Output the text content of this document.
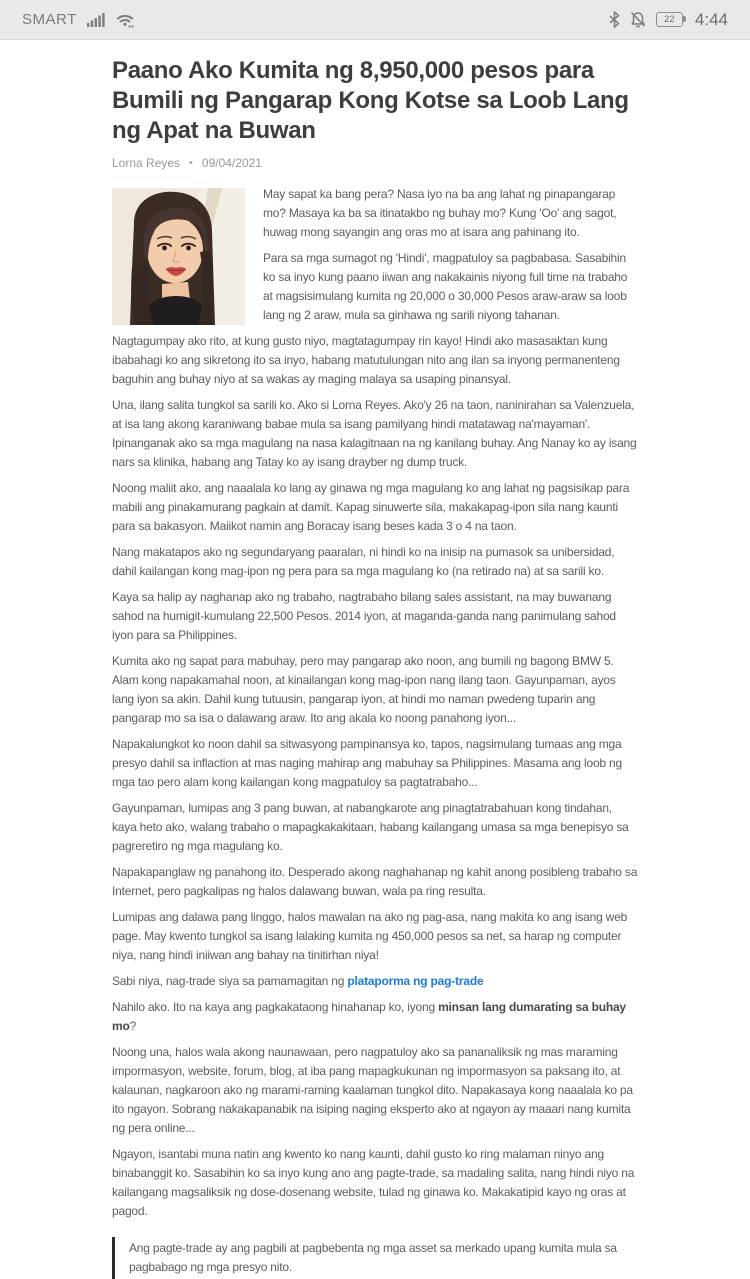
SMART	22 4:44
Paano Ako Kumita ng 8,950,000 pesos para Bumili ng Pangarap Kong Kotse sa Loob Lang ng Apat na Buwan
Lorna Reyes • 09/04/2021

May sapat ka bang pera? Nasa iyo na ba ang lahat ng pinapangarap mo? Masaya ka ba sa itinatakbo ng buhay mo? Kung 'Oo' ang sagot, huwag mong sayangin ang oras mo at isara ang pahinang ito.

Para sa mga sumagot ng 'Hindi', magpatuloy sa pagbabasa. Sasabihin ko sa inyo kung paano iiwan ang nakakainis niyong full time na trabaho at magsisimulang kumita ng 20,000 o 30,000 Pesos araw-araw sa loob lang ng 2 araw, mula sa ginhawa ng sarili niyong tahanan.

Nagtagumpay ako rito, at kung gusto niyo, magtatagumpay rin kayo! Hindi ako masasaktan kung ibabahagi ko ang sikretong ito sa inyo, habang matutulungan nito ang ilan sa inyong permanenteng baguhin ang buhay niyo at sa wakas ay maging malaya sa usaping pinansyal.

Una, ilang salita tungkol sa sarili ko. Ako si Lorna Reyes. Ako'y 26 na taon, naninirahan sa Valenzuela, at isa lang akong karaniwang babae mula sa isang pamilyang hindi matatawag na'mayaman'. Ipinanganak ako sa mga magulang na nasa kalagitnaan na ng kanilang buhay. Ang Nanay ko ay isang nars sa klinika, habang ang Tatay ko ay isang drayber ng dump truck.

Noong maliit ako, ang naaalala ko lang ay ginawa ng mga magulang ko ang lahat ng pagsisikap para mabili ang pinakamurang pagkain at damit. Kapag sinuwerte sila, makakapag-ipon sila nang kaunti para sa bakasyon. Maiikot namin ang Boracay isang beses kada 3 o 4 na taon.

Nang makatapos ako ng segundaryang paaralan, ni hindi ko na inisip na pumasok sa unibersidad, dahil kailangan kong mag-ipon ng pera para sa mga magulang ko (na retirado na) at sa sarili ko.

Kaya sa halip ay naghanap ako ng trabaho, nagtrabaho bilang sales assistant, na may buwanang sahod na humigit-kumulang 22,500 Pesos. 2014 iyon, at maganda-ganda nang panimulang sahod iyon para sa Philippines.

Kumita ako ng sapat para mabuhay, pero may pangarap ako noon, ang bumili ng bagong BMW 5. Alam kong napakamahal noon, at kinailangan kong mag-ipon nang ilang taon. Gayunpaman, ayos lang iyon sa akin. Dahil kung tutuusin, pangarap iyon, at hindi mo naman pwedeng tuparin ang pangarap mo sa isa o dalawang araw. Ito ang akala ko noong panahong iyon...

Napakalungkot ko noon dahil sa sitwasyong pampinansya ko, tapos, nagsimulang tumaas ang mga presyo dahil sa inflaction at mas naging mahirap ang mabuhay sa Philippines. Masama ang loob ng mga tao pero alam kong kailangan kong magpatuloy sa pagtatrabaho...

Gayunpaman, lumipas ang 3 pang buwan, at nabangkarote ang pinagtatrabahuan kong tindahan, kaya heto ako, walang trabaho o mapagkakakitaan, habang kailangang umasa sa mga benepisyo sa pagreretiro ng mga magulang ko.

Napakapanglaw ng panahong ito. Desperado akong naghahanap ng kahit anong posibleng trabaho sa Internet, pero pagkalipas ng halos dalawang buwan, wala pa ring resulta.

Lumipas ang dalawa pang linggo, halos mawalan na ako ng pag-asa, nang makita ko ang isang web page. May kwento tungkol sa isang lalaking kumita ng 450,000 pesos sa net, sa harap ng computer niya, nang hindi iniiwan ang bahay na tinitirhan niya!

Sabi niya, nag-trade siya sa pamamagitan ng plataporma ng pag-trade

Nahilo ako. Ito na kaya ang pagkakataong hinahanap ko, iyong minsan lang dumarating sa buhay mo?

Noong una, halos wala akong naunawaan, pero nagpatuloy ako sa pananaliksik ng mas maraming impormasyon, website, forum, blog, at iba pang mapagkukunan ng impormasyon sa paksang ito, at kalaunan, nagkaroon ako ng marami-raming kaalaman tungkol dito. Napakasaya kong naaalala ko pa ito ngayon. Sobrang nakakapanabik na isiping naging eksperto ako at ngayon ay maaari nang kumita ng pera online...

Ngayon, isantabi muna natin ang kwento ko nang kaunti, dahil gusto ko ring malaman ninyo ang binabanggit ko. Sasabihin ko sa inyo kung ano ang pagte-trade, sa madaling salita, nang hindi niyo na kailangang magsaliksik ng dose-dosenang website, tulad ng ginawa ko. Makakatipid kayo ng oras at pagod.

Ang pagte-trade ay ang pagbili at pagbebenta ng mga asset sa merkado upang kumita mula sa pagbabago ng mga presyo nito.
